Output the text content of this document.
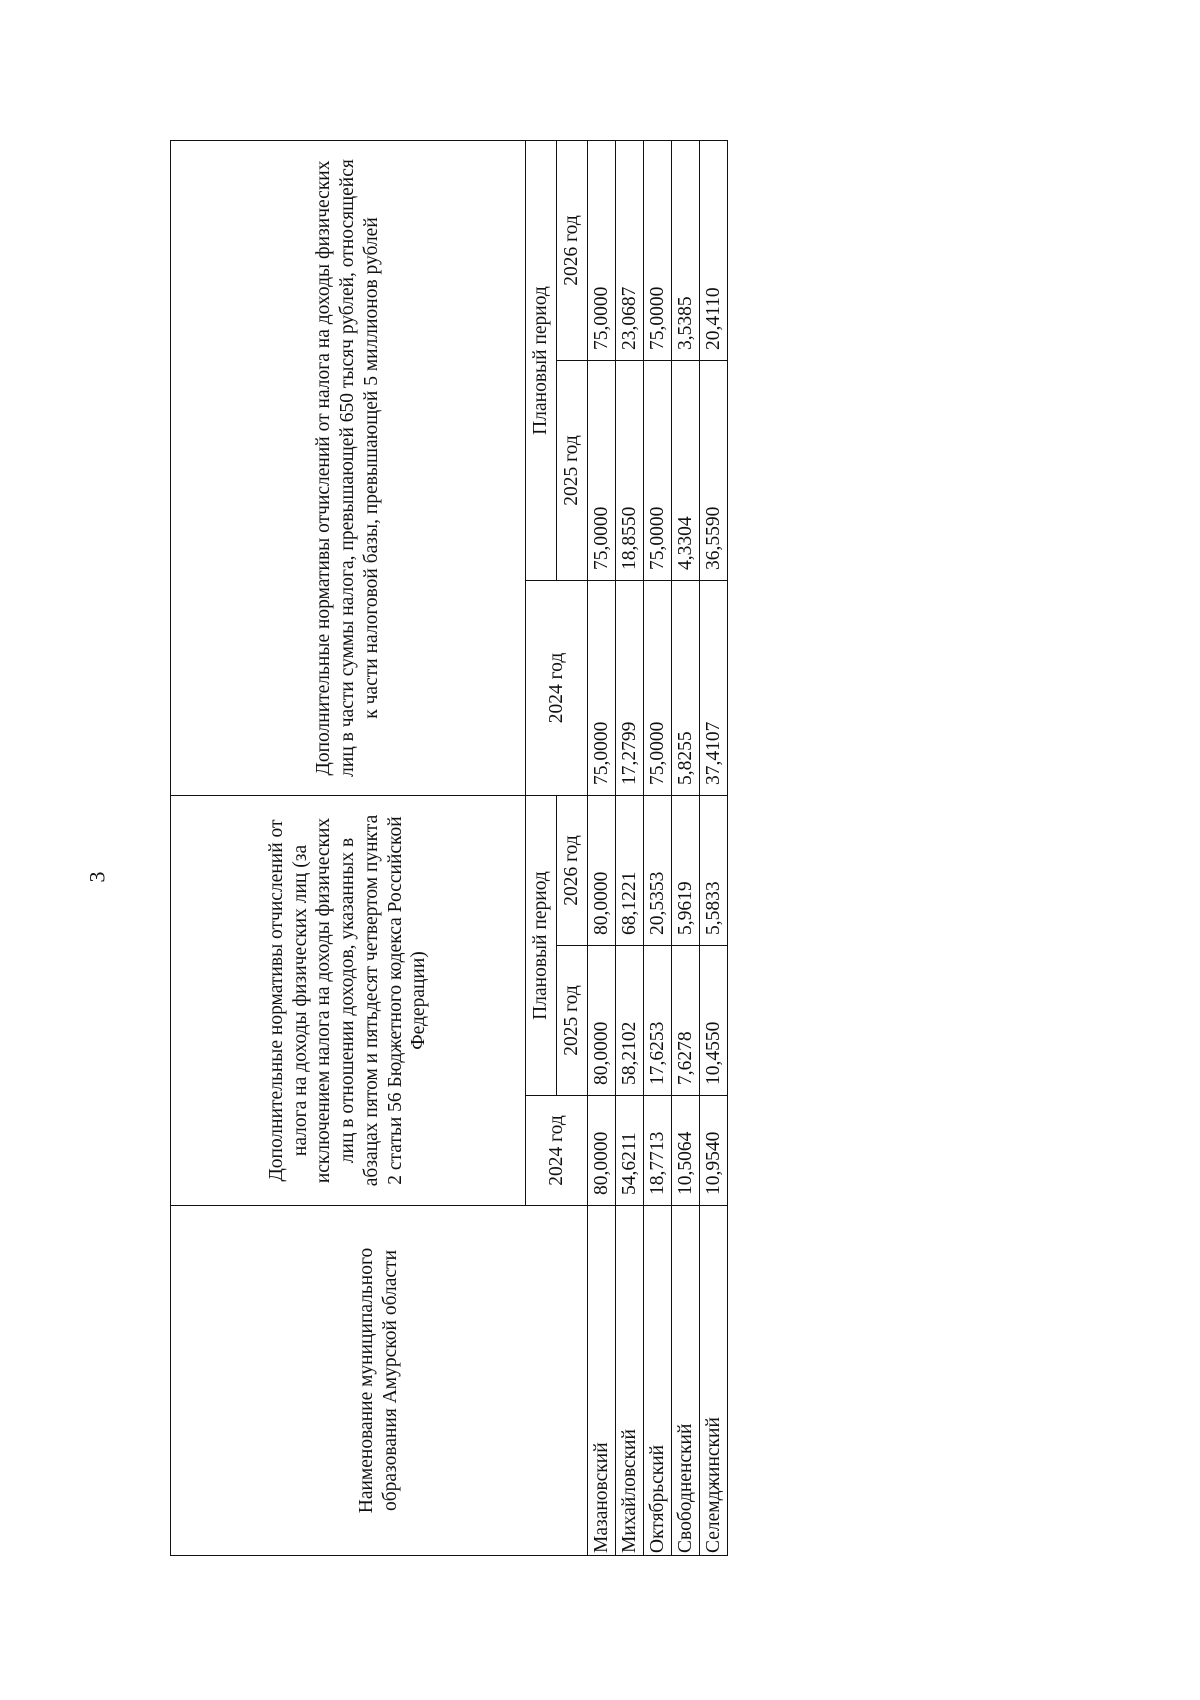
3
Наименование муниципального образования Амурской области	Дополнительные нормативы отчислений от налога на доходы физических лиц (за исключением налога на доходы физических лиц в отношении доходов, указанных в абзацах пятом и пятьдесят четвертом пункта 2 статьи 56 Бюджетного кодекса Российской Федерации)			Дополнительные нормативы отчислений от налога на доходы физических лиц в части суммы налога, превышающей 650 тысяч рублей, относящейся к части налоговой базы, превышающей 5 миллионов рублей		
	2024 год	Плановый период		2024 год	Плановый период	
		2025 год	2026 год		2025 год	2026 год
Мазановский	80,0000	80,0000	80,0000	75,0000	75,0000	75,0000
Михайловский	54,6211	58,2102	68,1221	17,2799	18,8550	23,0687
Октябрьский	18,7713	17,6253	20,5353	75,0000	75,0000	75,0000
Свободненский	10,5064	7,6278	5,9619	5,8255	4,3304	3,5385
Селемджинский	10,9540	10,4550	5,5833	37,4107	36,5590	20,4110
